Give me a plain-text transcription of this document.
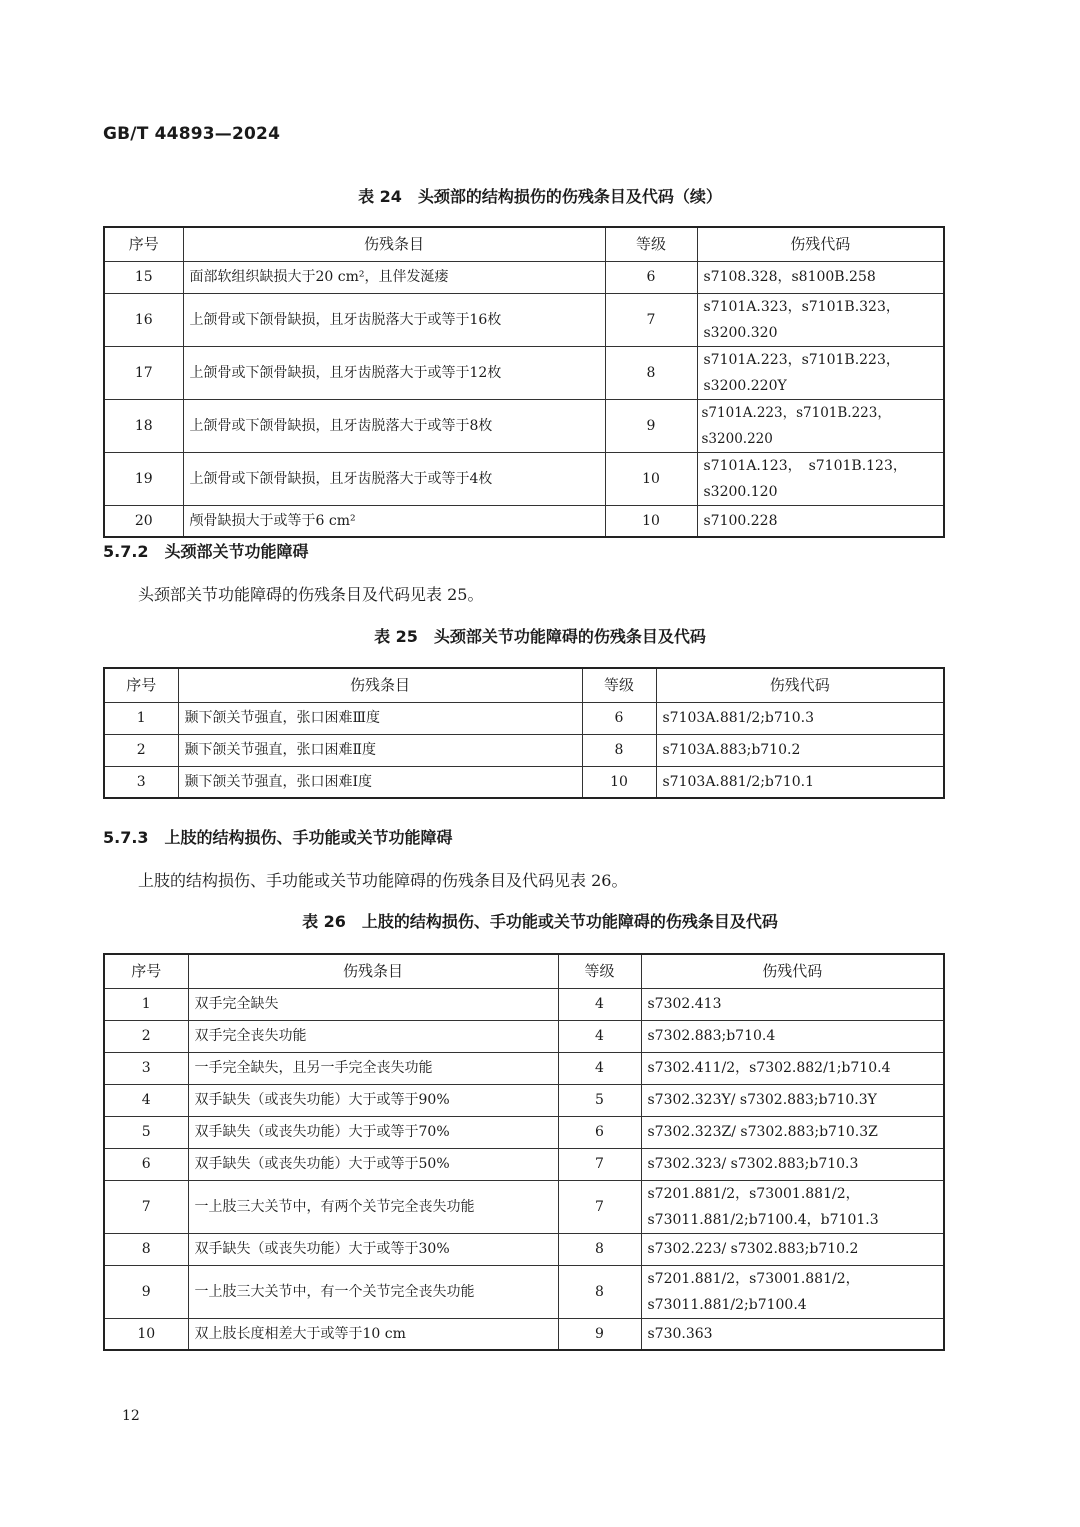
GB/T 44893—2024
表 24　头颈部的结构损伤的伤残条目及代码（续）
序号	伤残条目	等级	伤残代码
15	面部软组织缺损大于20 cm²，且伴发涎瘘	6	s7108.328，s8100B.258
16	上颌骨或下颌骨缺损，且牙齿脱落大于或等于16枚	7	s7101A.323，s7101B.323，s3200.320
17	上颌骨或下颌骨缺损，且牙齿脱落大于或等于12枚	8	s7101A.223，s7101B.223，s3200.220Y
18	上颌骨或下颌骨缺损，且牙齿脱落大于或等于8枚	9	s7101A.223，s7101B.223，s3200.220
19	上颌骨或下颌骨缺损，且牙齿脱落大于或等于4枚	10	s7101A.123，　s7101B.123，s3200.120
20	颅骨缺损大于或等于6 cm²	10	s7100.228
5.7.2　头颈部关节功能障碍
头颈部关节功能障碍的伤残条目及代码见表 25。
表 25　头颈部关节功能障碍的伤残条目及代码
序号	伤残条目	等级	伤残代码
1	颞下颌关节强直，张口困难Ⅲ度	6	s7103A.881/2;b710.3
2	颞下颌关节强直，张口困难Ⅱ度	8	s7103A.883;b710.2
3	颞下颌关节强直，张口困难Ⅰ度	10	s7103A.881/2;b710.1
5.7.3　上肢的结构损伤、手功能或关节功能障碍
上肢的结构损伤、手功能或关节功能障碍的伤残条目及代码见表 26。
表 26　上肢的结构损伤、手功能或关节功能障碍的伤残条目及代码
序号	伤残条目	等级	伤残代码
1	双手完全缺失	4	s7302.413
2	双手完全丧失功能	4	s7302.883;b710.4
3	一手完全缺失，且另一手完全丧失功能	4	s7302.411/2，s7302.882/1;b710.4
4	双手缺失（或丧失功能）大于或等于90%	5	s7302.323Y/ s7302.883;b710.3Y
5	双手缺失（或丧失功能）大于或等于70%	6	s7302.323Z/ s7302.883;b710.3Z
6	双手缺失（或丧失功能）大于或等于50%	7	s7302.323/ s7302.883;b710.3
7	一上肢三大关节中，有两个关节完全丧失功能	7	s7201.881/2，s73001.881/2，s73011.881/2;b7100.4，b7101.3
8	双手缺失（或丧失功能）大于或等于30%	8	s7302.223/ s7302.883;b710.2
9	一上肢三大关节中，有一个关节完全丧失功能	8	s7201.881/2，s73001.881/2，s73011.881/2;b7100.4
10	双上肢长度相差大于或等于10 cm	9	s730.363
12
